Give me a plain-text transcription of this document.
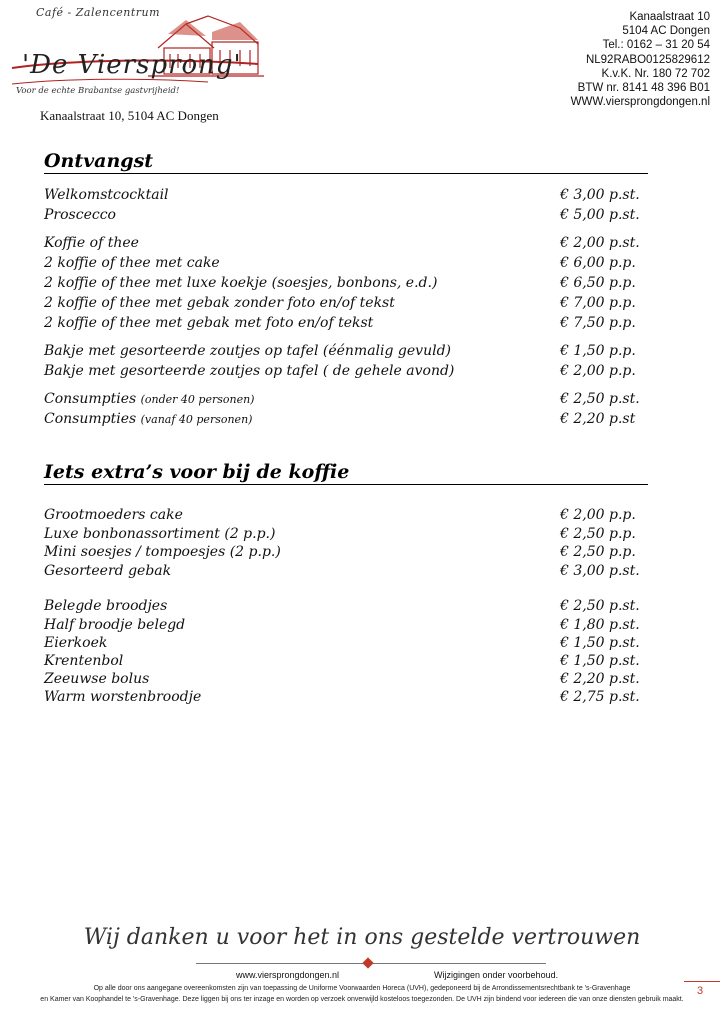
Café - Zalencentrum
'De Viersprong'
Voor de echte Brabantse gastvrijheid!
Kanaalstraat 10, 5104 AC Dongen
Kanaalstraat 10
5104 AC Dongen
Tel.: 0162 – 31 20 54
NL92RABO0125829612
K.v.K. Nr. 180 72 702
BTW nr. 8141 48 396 B01
WWW.viersprongdongen.nl
Ontvangst
Welkomstcocktail	€ 3,00 p.st.
Proscecco	€ 5,00 p.st.
Koffie of thee	€ 2,00 p.st.
2 koffie of thee met cake	€ 6,00 p.p.
2 koffie of thee met luxe koekje (soesjes, bonbons, e.d.)	€ 6,50 p.p.
2 koffie of thee met gebak zonder foto en/of tekst	€ 7,00 p.p.
2 koffie of thee met gebak met foto en/of tekst	€ 7,50 p.p.
Bakje met gesorteerde zoutjes op tafel (éénmalig gevuld)	€ 1,50 p.p.
Bakje met gesorteerde zoutjes op tafel ( de gehele avond)	€ 2,00 p.p.
Consumpties (onder 40 personen)	€ 2,50 p.st.
Consumpties (vanaf 40 personen)	€ 2,20 p.st
Iets extra’s voor bij de koffie
Grootmoeders cake	€ 2,00 p.p.
Luxe bonbonassortiment (2 p.p.)	€ 2,50 p.p.
Mini soesjes / tompoesjes (2 p.p.)	€ 2,50 p.p.
Gesorteerd gebak	€ 3,00 p.st.
Belegde broodjes	€ 2,50 p.st.
Half broodje belegd	€ 1,80 p.st.
Eierkoek	€ 1,50 p.st.
Krentenbol	€ 1,50 p.st.
Zeeuwse bolus	€ 2,20 p.st.
Warm worstenbroodje	€ 2,75 p.st.
Wij danken u voor het in ons gestelde vertrouwen
www.viersprongdongen.nl	Wijzigingen onder voorbehoud.
Op alle door ons aangegane overeenkomsten zijn van toepassing de Uniforme Voorwaarden Horeca (UVH), gedeponeerd bij de Arrondissementsrechtbank te 's-Gravenhage
en Kamer van Koophandel te 's-Gravenhage. Deze liggen bij ons ter inzage en worden op verzoek onverwijld kosteloos toegezonden. De UVH zijn bindend voor iedereen die van onze diensten gebruik maakt.
3
